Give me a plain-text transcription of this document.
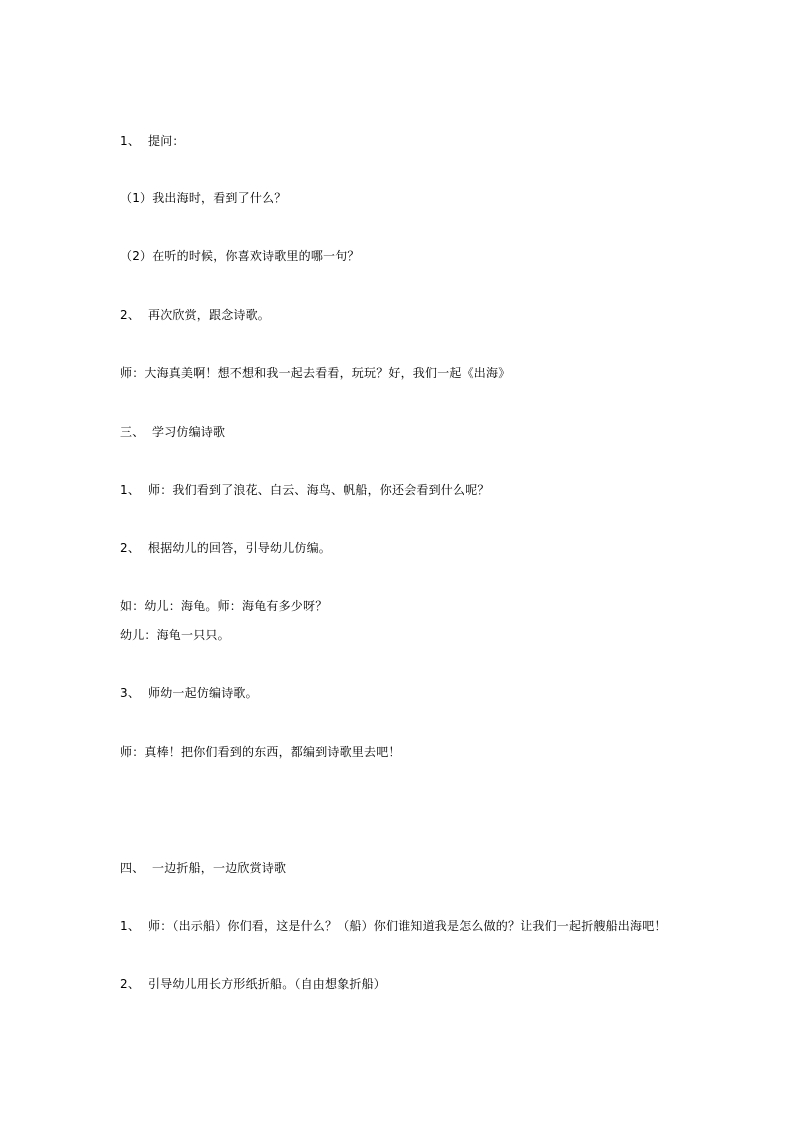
1、 提问：
（1）我出海时，看到了什么？
（2）在听的时候，你喜欢诗歌里的哪一句？
2、 再次欣赏，跟念诗歌。
师：大海真美啊！想不想和我一起去看看，玩玩？好，我们一起《出海》
三、 学习仿编诗歌
1、 师：我们看到了浪花、白云、海鸟、帆船，你还会看到什么呢？
2、 根据幼儿的回答，引导幼儿仿编。
如：幼儿：海龟。师：海龟有多少呀？
幼儿：海龟一只只。
3、 师幼一起仿编诗歌。
师：真棒！把你们看到的东西，都编到诗歌里去吧！
四、 一边折船，一边欣赏诗歌
1、 师：（出示船）你们看，这是什么？（船）你们谁知道我是怎么做的？让我们一起折艘船出海吧！
2、 引导幼儿用长方形纸折船。（自由想象折船）
